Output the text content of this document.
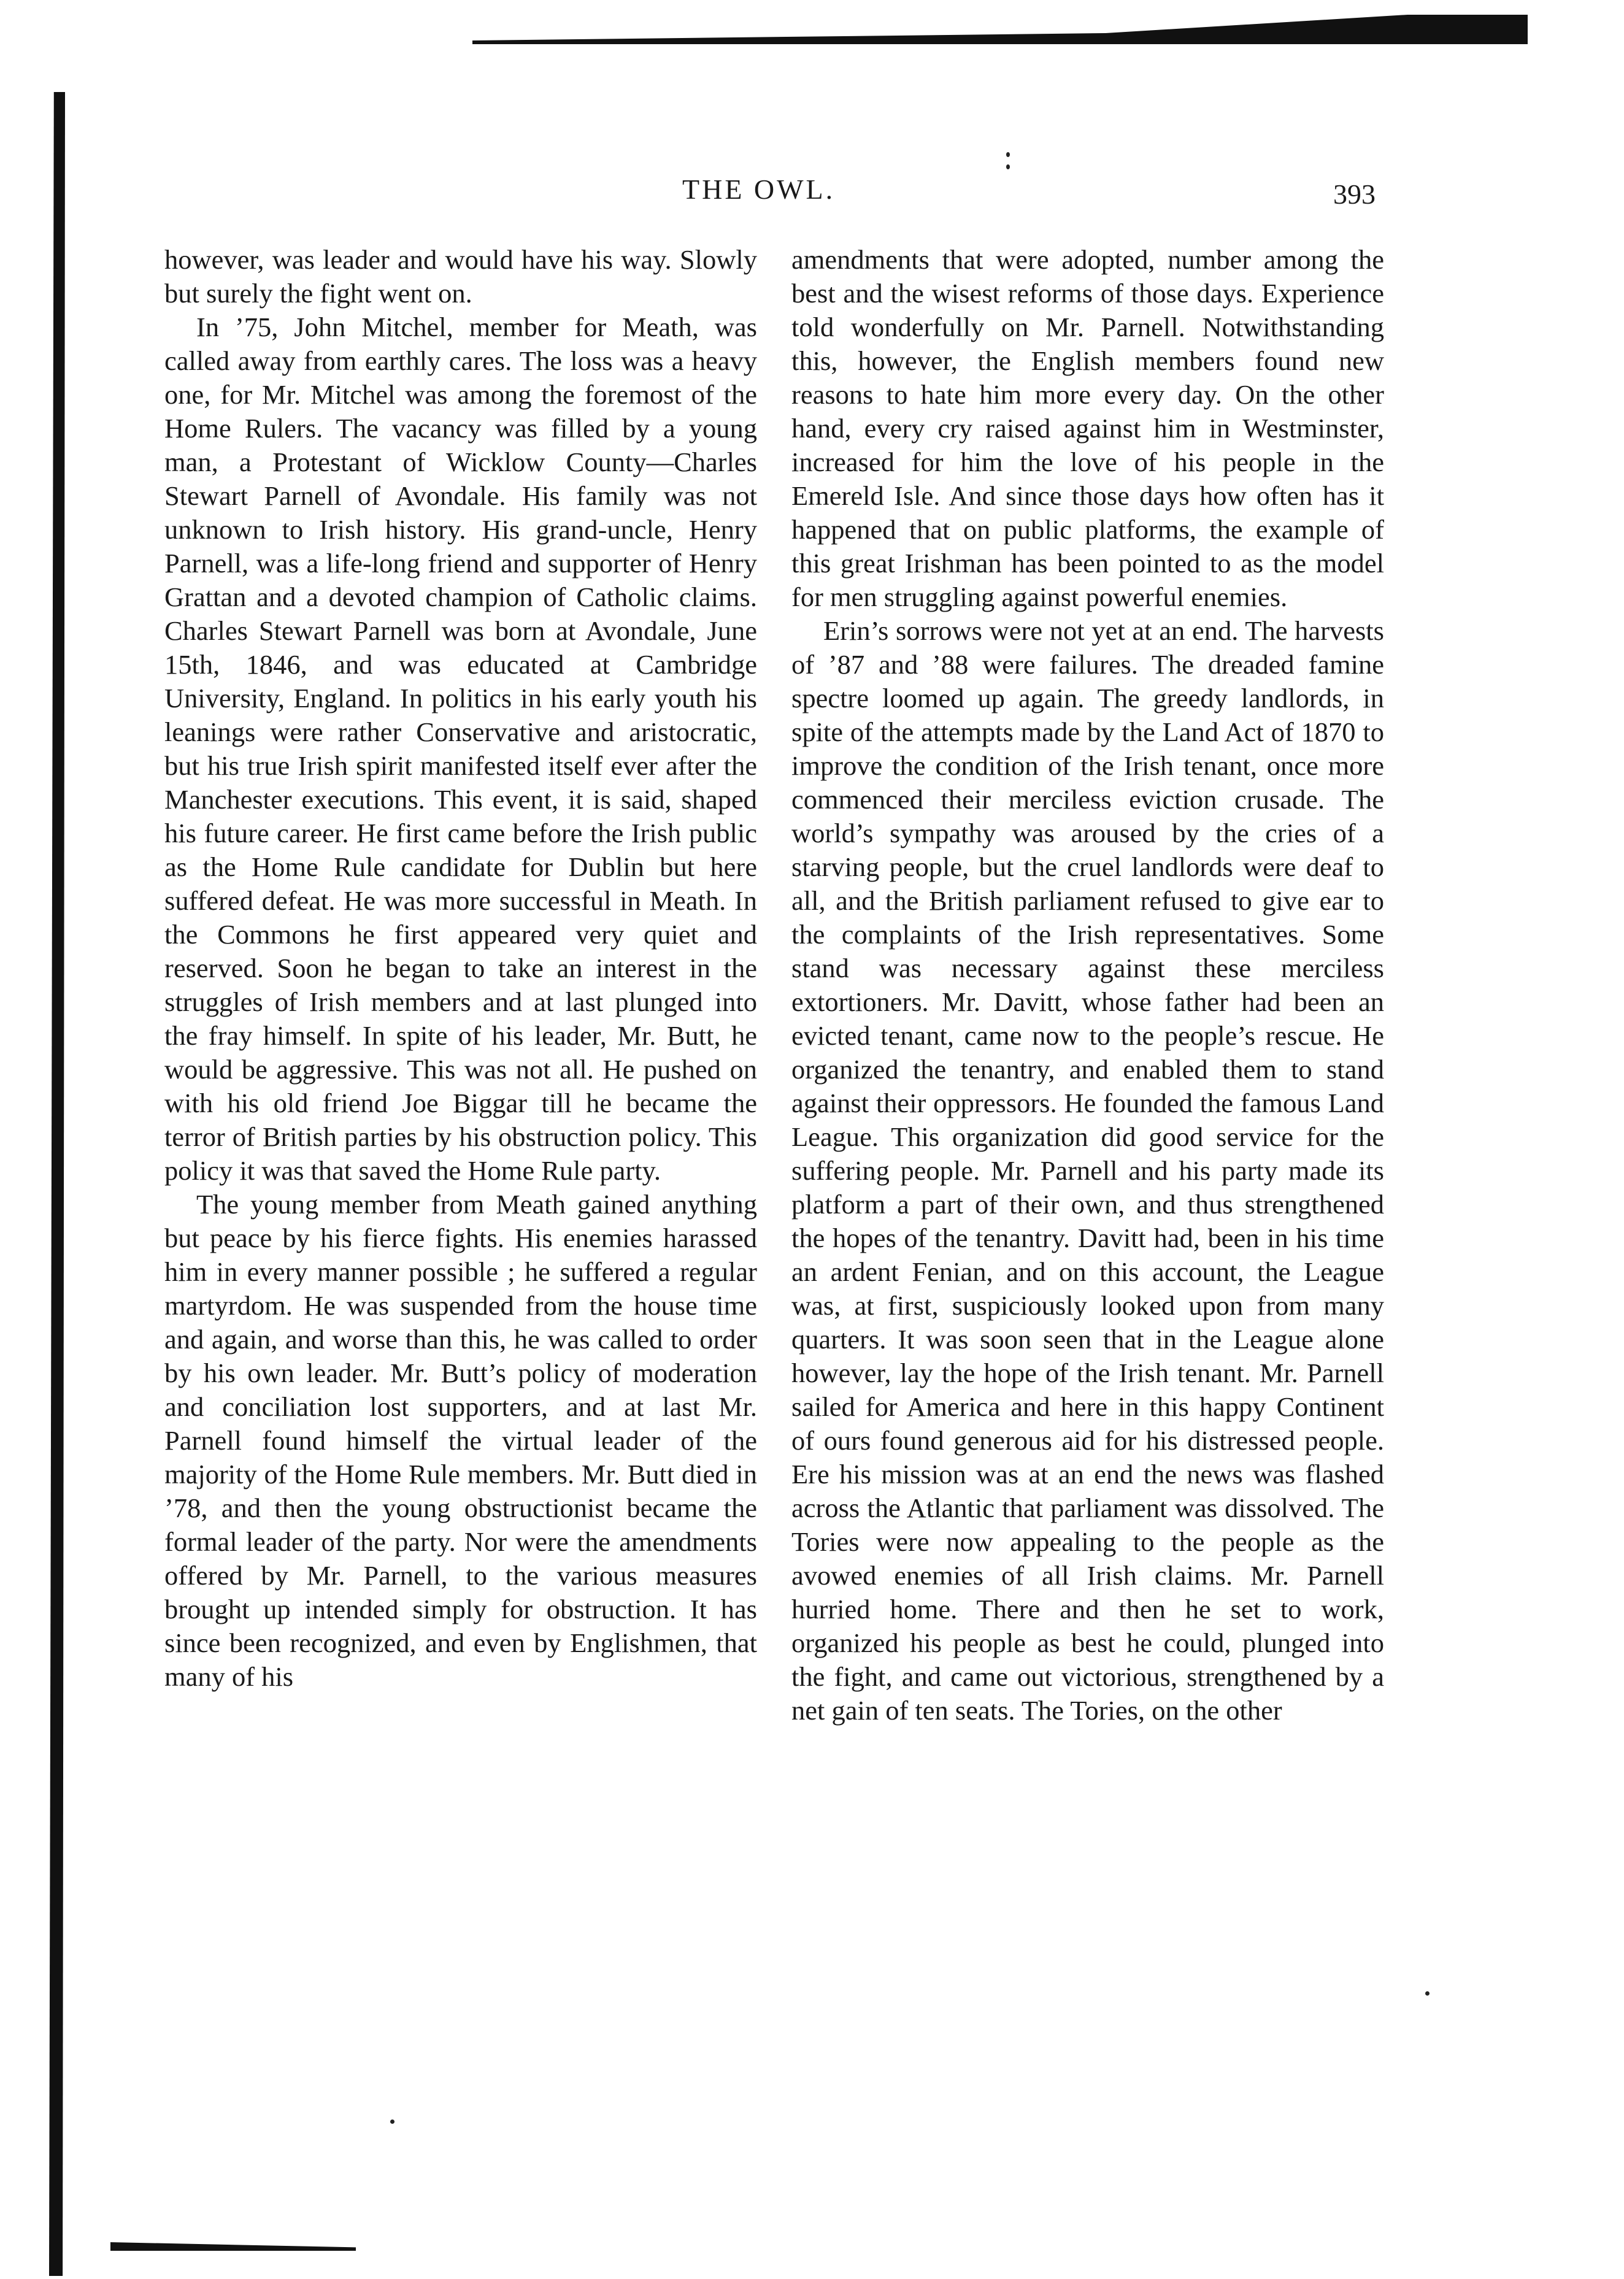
THE OWL.	393

however, was leader and would have his way. Slowly but surely the fight went on.

In ’75, John Mitchel, member for Meath, was called away from earthly cares. The loss was a heavy one, for Mr. Mitchel was among the foremost of the Home Rulers. The vacancy was filled by a young man, a Protestant of Wicklow County—Charles Stewart Parnell of Avondale. His family was not unknown to Irish history. His grand-uncle, Henry Parnell, was a life-long friend and supporter of Henry Grattan and a devoted champion of Catholic claims. Charles Stewart Parnell was born at Avondale, June 15th, 1846, and was educated at Cambridge University, England. In politics in his early youth his leanings were rather Conservative and aristocratic, but his true Irish spirit manifested itself ever after the Manchester executions. This event, it is said, shaped his future career. He first came before the Irish public as the Home Rule candidate for Dublin but here suffered defeat. He was more successful in Meath. In the Commons he first appeared very quiet and reserved. Soon he began to take an interest in the struggles of Irish members and at last plunged into the fray himself. In spite of his leader, Mr. Butt, he would be aggressive. This was not all. He pushed on with his old friend Joe Biggar till he became the terror of British parties by his obstruction policy. This policy it was that saved the Home Rule party.

The young member from Meath gained anything but peace by his fierce fights. His enemies harassed him in every manner possible ; he suffered a regular martyrdom. He was suspended from the house time and again, and worse than this, he was called to order by his own leader. Mr. Butt’s policy of moderation and conciliation lost supporters, and at last Mr. Parnell found himself the virtual leader of the majority of the Home Rule members. Mr. Butt died in ’78, and then the young obstructionist became the formal leader of the party. Nor were the amendments offered by Mr. Parnell, to the various measures brought up intended simply for obstruction. It has since been recognized, and even by Englishmen, that many of his

amendments that were adopted, number among the best and the wisest reforms of those days. Experience told wonderfully on Mr. Parnell. Notwithstanding this, however, the English members found new reasons to hate him more every day. On the other hand, every cry raised against him in Westminster, increased for him the love of his people in the Emereld Isle. And since those days how often has it happened that on public platforms, the example of this great Irishman has been pointed to as the model for men struggling against powerful enemies.

Erin’s sorrows were not yet at an end. The harvests of ’87 and ’88 were failures. The dreaded famine spectre loomed up again. The greedy landlords, in spite of the attempts made by the Land Act of 1870 to improve the condition of the Irish tenant, once more commenced their merciless eviction crusade. The world’s sympathy was aroused by the cries of a starving people, but the cruel landlords were deaf to all, and the British parliament refused to give ear to the complaints of the Irish representatives. Some stand was necessary against these merciless extortioners. Mr. Davitt, whose father had been an evicted tenant, came now to the people’s rescue. He organized the tenantry, and enabled them to stand against their oppressors. He founded the famous Land League. This organization did good service for the suffering people. Mr. Parnell and his party made its platform a part of their own, and thus strengthened the hopes of the tenantry. Davitt had, been in his time an ardent Fenian, and on this account, the League was, at first, suspiciously looked upon from many quarters. It was soon seen that in the League alone however, lay the hope of the Irish tenant. Mr. Parnell sailed for America and here in this happy Continent of ours found generous aid for his distressed people. Ere his mission was at an end the news was flashed across the Atlantic that parliament was dissolved. The Tories were now appealing to the people as the avowed enemies of all Irish claims. Mr. Parnell hurried home. There and then he set to work, organized his people as best he could, plunged into the fight, and came out victorious, strengthened by a net gain of ten seats. The Tories, on the other
